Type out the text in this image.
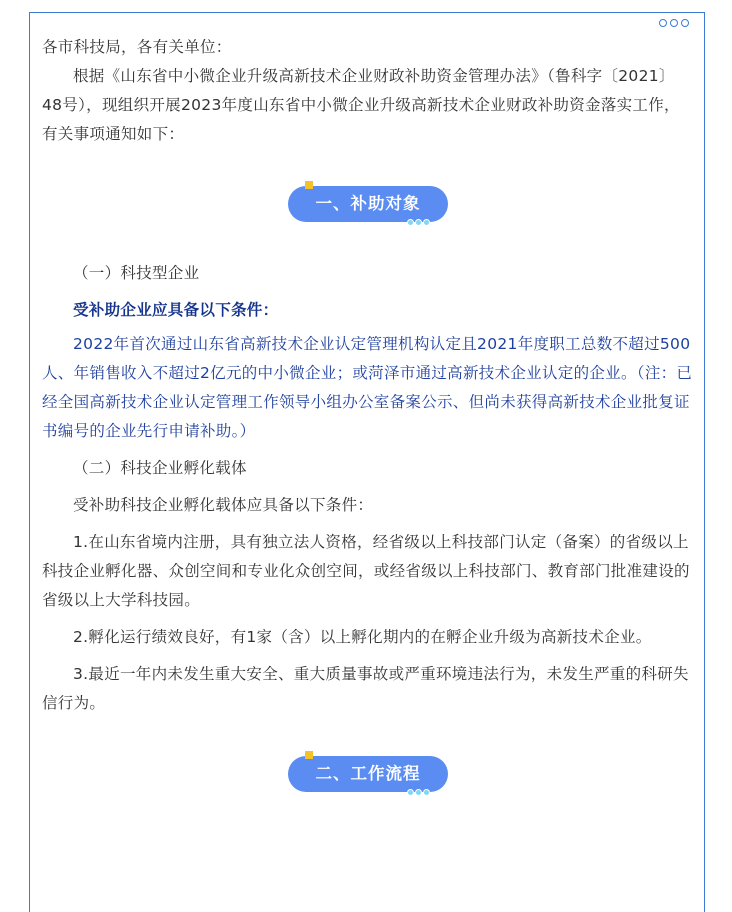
各市科技局，各有关单位：

根据《山东省中小微企业升级高新技术企业财政补助资金管理办法》（鲁科字〔2021〕48号），现组织开展2023年度山东省中小微企业升级高新技术企业财政补助资金落实工作，有关事项通知如下：

一、补助对象

（一）科技型企业

受补助企业应具备以下条件：

2022年首次通过山东省高新技术企业认定管理机构认定且2021年度职工总数不超过500人、年销售收入不超过2亿元的中小微企业；或菏泽市通过高新技术企业认定的企业。（注：已经全国高新技术企业认定管理工作领导小组办公室备案公示、但尚未获得高新技术企业批复证书编号的企业先行申请补助。）

（二）科技企业孵化载体

受补助科技企业孵化载体应具备以下条件：

1.在山东省境内注册，具有独立法人资格，经省级以上科技部门认定（备案）的省级以上科技企业孵化器、众创空间和专业化众创空间，或经省级以上科技部门、教育部门批准建设的省级以上大学科技园。

2.孵化运行绩效良好，有1家（含）以上孵化期内的在孵企业升级为高新技术企业。

3.最近一年内未发生重大安全、重大质量事故或严重环境违法行为，未发生严重的科研失信行为。

二、工作流程
